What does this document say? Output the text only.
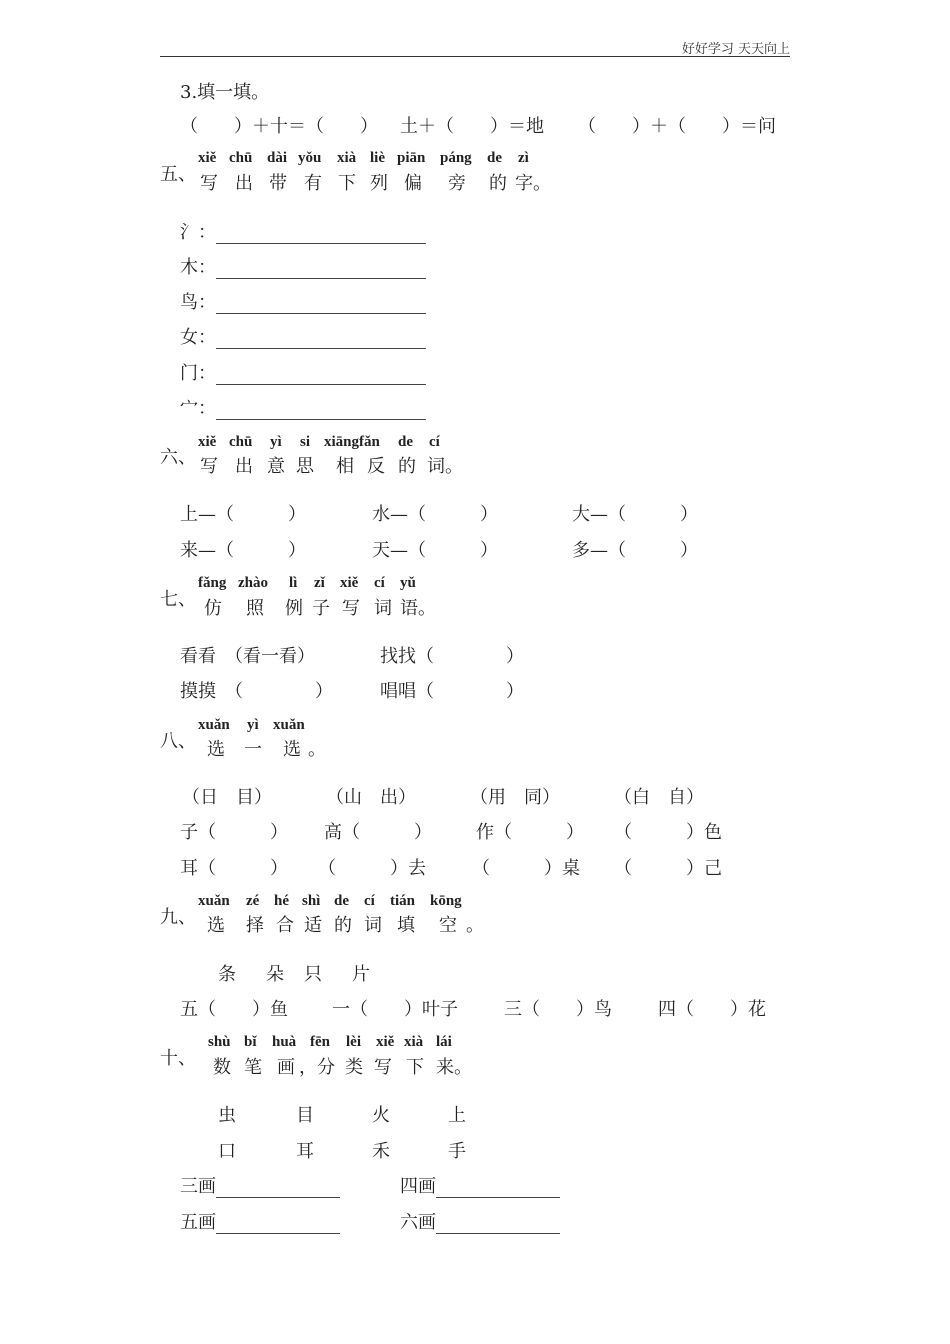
好好学习 天天向上
3.填一填。
（　　）＋十＝（　　） 土＋（　　）＝地 （　　）＋（　　）＝问
五、
xiě chū dài yǒu xià liè piān páng de zì
写 出 带 有 下 列 偏 旁 的 字。
氵：
木：
鸟：
女：
门：
宀：
六、
xiě chū yì si xiāngfǎn de cí
写 出 意 思 相 反 的 词。
上—（　　　）	水—（　　　）	大—（　　　）
来—（　　　）	天—（　　　）	多—（　　　）
七、
fǎng zhào lì zǐ xiě cí yǔ
仿 照 例 子 写 词 语。
看看　（看一看）	找找（　　　　）
摸摸　（　　　　）	唱唱（　　　　）
八、
xuǎn yì xuǎn
选 一 选 。
（日　目）	（山　出）	（用　同）	（白　自）
子（　　　） 高（　　　） 作（　　　） （　　　）色
耳（　　　） （　　　）去	（　　　）桌 （　　　）己
九、
xuǎn zé hé shì de cí tián kōng
选 择 合 适 的 词 填 空 。
条 朵 只 片
五（　　）鱼 一（　　）叶子	三（　　）鸟	四（　　）花
十、
shù bǐ huà fēn lèi xiě xià lái
数 笔 画 ，分 类 写 下 来。
虫	目	火	上
口	耳	禾	手
三画	四画
五画	六画
